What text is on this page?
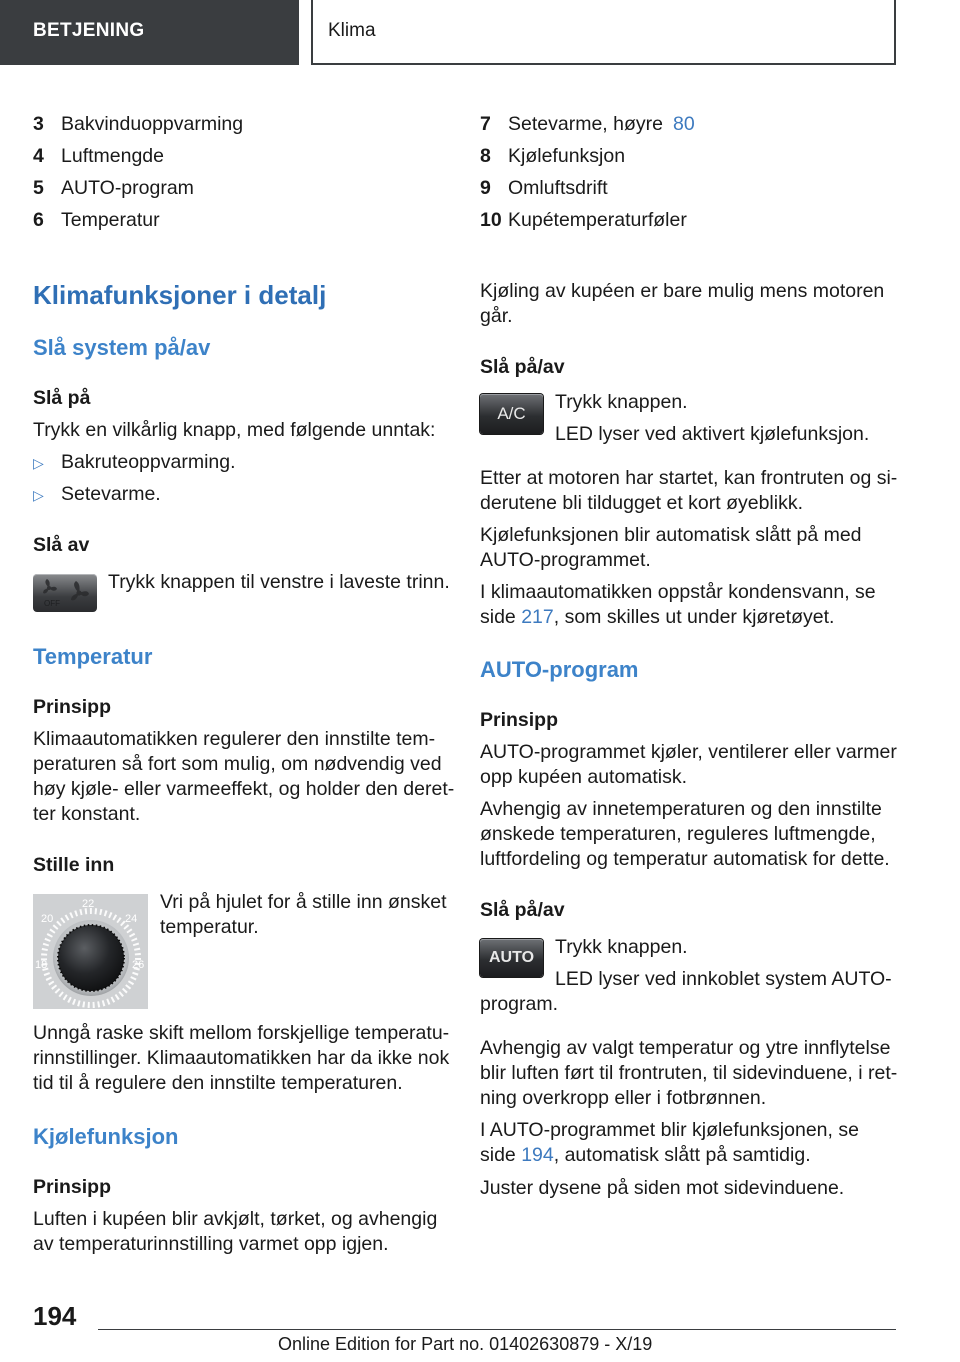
BETJENING	Klima
3 Bakvinduoppvarming
4 Luftmengde
5 AUTO-program
6 Temperatur
Klimafunksjoner i detalj
Slå system på/av
Slå på
Trykk en vilkårlig knapp, med følgende unntak:
▷ Bakruteoppvarming.
▷ Setevarme.
Slå av
OFF
Trykk knappen til venstre i laveste trinn.
Temperatur
Prinsipp
Klimaautomatikken regulerer den innstilte tem-
peraturen så fort som mulig, om nødvendig ved
høy kjøle- eller varmeeffekt, og holder den deret-
ter konstant.
Stille inn
18
20
22
24
26
Vri på hjulet for å stille inn ønsket
temperatur.
Unngå raske skift mellom forskjellige temperatu-
rinnstillinger. Klimaautomatikken har da ikke nok
tid til å regulere den innstilte temperaturen.
Kjølefunksjon
Prinsipp
Luften i kupéen blir avkjølt, tørket, og avhengig
av temperaturinnstilling varmet opp igjen.
7 Setevarme, høyre 80
8 Kjølefunksjon
9 Omluftsdrift
10 Kupétemperaturføler
Kjøling av kupéen er bare mulig mens motoren
går.
Slå på/av
A/C
Trykk knappen.
LED lyser ved aktivert kjølefunksjon.
Etter at motoren har startet, kan frontruten og si-
derutene bli tildugget et kort øyeblikk.
Kjølefunksjonen blir automatisk slått på med
AUTO-programmet.
I klimaautomatikken oppstår kondensvann, se
side 217, som skilles ut under kjøretøyet.
AUTO-program
Prinsipp
AUTO-programmet kjøler, ventilerer eller varmer
opp kupéen automatisk.
Avhengig av innetemperaturen og den innstilte
ønskede temperaturen, reguleres luftmengde,
luftfordeling og temperatur automatisk for dette.
Slå på/av
AUTO	Trykk knappen.
LED lyser ved innkoblet system AUTO-
program.
Avhengig av valgt temperatur og ytre innflytelse
blir luften ført til frontruten, til sidevinduene, i ret-
ning overkropp eller i fotbrønnen.
I AUTO-programmet blir kjølefunksjonen, se
side 194, automatisk slått på samtidig.
Juster dysene på siden mot sidevinduene.
194
Online Edition for Part no. 01402630879 - X/19
